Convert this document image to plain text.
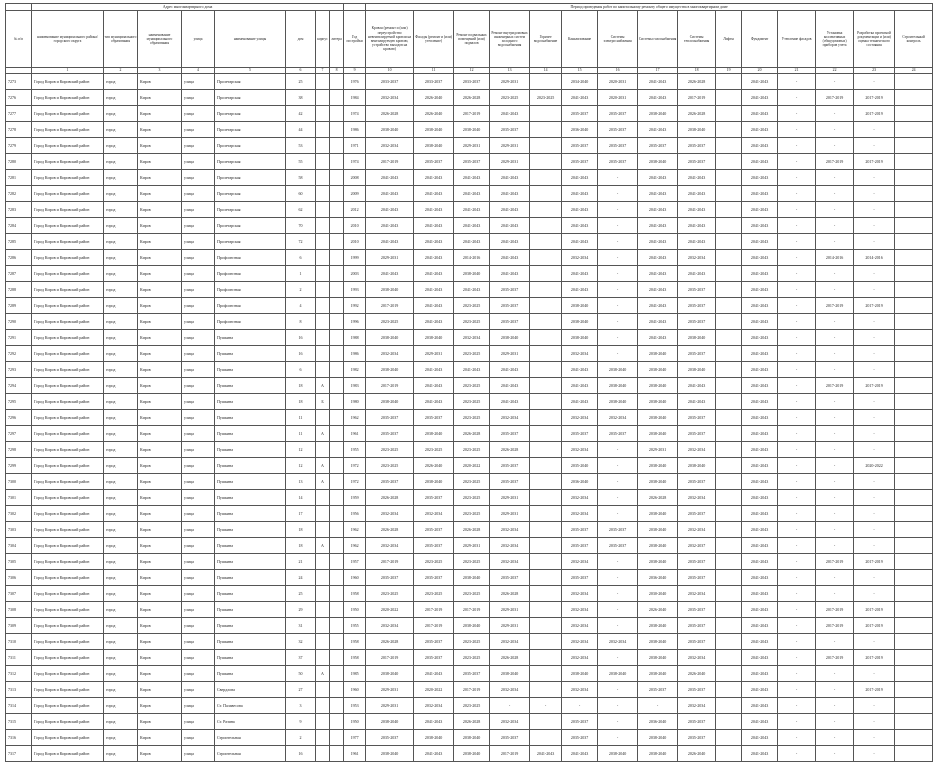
	Адрес многоквартирного дома									Период проведения работ по капитальному ремонту общего имущества в многоквартирном доме														
№ п/п	наименование муниципального района/городского округа	тип муниципального образования	наименование муниципального образования	улица	наименование улицы	дом	корпус	литера	Год постройки	Кровля (ремонт и (или) переустройство невентилируемой кровли на вентилируемую кровлю, устройство выходов на кровлю)	Фасады (ремонт и (или) утепление)	Ремонт подвальных помещений (или) подвалов	Ремонт внутридомовых инженерных систем холодного водоснабжения	Горячее водоснабжение	Канализование	Системы электроснабжения	Системы газоснабжения	Системы теплоснабжения	Лифты	Фундамент	Утепление фасадов	Установка коллективных (общедомовых) приборов учета	Разработка проектной документации и (или) оценка технического состояния	Строительный контроль
	1	2	3	4	5	6	7	8	9	10	11	12	13	14	15	16	17	18	19	20	21	22	23	24
7273	Город Киров и Кировский район	город	Киров	улица	Пролетарская	25			1976	2033-2037	2033-2037	2033-2037	2029-2031		2034-2040	2020-2031	2041-2043	2026-2028		2041-2043	-	-	-	
7276	Город Киров и Кировский район	город	Киров	улица	Пролетарская	38			1984	2032-2034	2026-2040	2026-2028	2023-2025	2023-2025	2041-2043	2020-2031	2041-2043	2017-2019		2041-2043	-	2017-2019	2017-2019	
7277	Город Киров и Кировский район	город	Киров	улица	Пролетарская	42			1974	2026-2028	2026-2040	2017-2019	2041-2043		2035-2037	2035-2037	2038-2040	2026-2028		2041-2043	-	-	2017-2019	
7278	Город Киров и Кировский район	город	Киров	улица	Пролетарская	44			1986	2038-2040	2038-2040	2038-2040	2035-2037		2036-2040	2035-2037	2041-2043	2038-2040		2041-2043	-	-	-	
7279	Город Киров и Кировский район	город	Киров	улица	Пролетарская	53			1971	2032-2034	2038-2040	2029-2031	2029-2031		2035-2037	2035-2037	2035-2037	2035-2037		2041-2043	-	-	-	
7280	Город Киров и Кировский район	город	Киров	улица	Пролетарская	55			1974	2017-2019	2035-2037	2035-2037	2029-2031		2035-2037	2035-2037	2038-2040	2035-2037		2041-2043	-	2017-2019	2017-2019	
7281	Город Киров и Кировский район	город	Киров	улица	Пролетарская	58			2008	2041-2043	2041-2043	2041-2043	2041-2043		2041-2043	-	2041-2043	2041-2043		2041-2043	-	-	-	
7282	Город Киров и Кировский район	город	Киров	улица	Пролетарская	60			2009	2041-2043	2041-2043	2041-2043	2041-2043		2041-2043	-	2041-2043	2041-2043		2041-2043	-	-	-	
7283	Город Киров и Кировский район	город	Киров	улица	Пролетарская	62			2012	2041-2043	2041-2043	2041-2043	2041-2043		2041-2043	-	2041-2043	2041-2043		2041-2043	-	-	-	
7284	Город Киров и Кировский район	город	Киров	улица	Пролетарская	70			2010	2041-2043	2041-2043	2041-2043	2041-2043		2041-2043	-	2041-2043	2041-2043		2041-2043	-	-	-	
7285	Город Киров и Кировский район	город	Киров	улица	Пролетарская	72			2010	2041-2043	2041-2043	2041-2043	2041-2043		2041-2043	-	2041-2043	2041-2043		2041-2043	-	-	-	
7286	Город Киров и Кировский район	город	Киров	улица	Профсоюзная	6			1999	2029-2031	2041-2043	2014-2016	2041-2043		2032-2034	-	2041-2043	2032-2034		2041-2043	-	2014-2016	2014-2016	
7287	Город Киров и Кировский район	город	Киров	улица	Профсоюзная	1			2003	2041-2043	2041-2043	2038-2040	2041-2043		2041-2043	-	2041-2043	2041-2043		2041-2043	-	-	-	
7288	Город Киров и Кировский район	город	Киров	улица	Профсоюзная	2			1993	2038-2040	2041-2043	2041-2043	2035-2037		2041-2043	-	2041-2043	2035-2037		2041-2043	-	-	-	
7289	Город Киров и Кировский район	город	Киров	улица	Профсоюзная	4			1992	2017-2019	2041-2043	2023-2025	2035-2037		2038-2040	-	2041-2043	2035-2037		2041-2043	-	2017-2019	2017-2019	
7290	Город Киров и Кировский район	город	Киров	улица	Профсоюзная	8			1996	2023-2025	2041-2043	2023-2025	2035-2037		2038-2040	-	2041-2043	2035-2037		2041-2043	-	-	-	
7291	Город Киров и Кировский район	город	Киров	улица	Пушкина	16			1988	2038-2040	2038-2040	2032-2034	2038-2040		2038-2040	-	2041-2043	2038-2040		2041-2043	-	-	-	
7292	Город Киров и Кировский район	город	Киров	улица	Пушкина	16			1986	2032-2034	2029-2031	2023-2025	2029-2031		2032-2034	-	2038-2040	2035-2037		2041-2043	-	-	-	
7293	Город Киров и Кировский район	город	Киров	улица	Пушкина	6			1982	2038-2040	2041-2043	2041-2043	2041-2043		2041-2043	2038-2040	2038-2040	2038-2040		2041-2043	-	-	-	
7294	Город Киров и Кировский район	город	Киров	улица	Пушкина	18	А		1983	2017-2019	2041-2043	2023-2025	2041-2043		2041-2043	2038-2040	2038-2040	2041-2043		2041-2043	-	2017-2019	2017-2019	
7295	Город Киров и Кировский район	город	Киров	улица	Пушкина	18	Б		1980	2038-2040	2041-2043	2023-2025	2041-2043		2041-2043	2038-2040	2038-2040	2041-2043		2041-2043	-	-	-	
7296	Город Киров и Кировский район	город	Киров	улица	Пушкина	11			1962	2035-2037	2035-2037	2023-2025	2032-2034		2032-2034	2032-2034	2038-2040	2035-2037		2041-2043	-	-	-	
7297	Город Киров и Кировский район	город	Киров	улица	Пушкина	11	А		1961	2035-2037	2038-2040	2026-2028	2035-2037		2035-2037	2035-2037	2038-2040	2035-2037		2041-2043	-	-	-	
7298	Город Киров и Кировский район	город	Киров	улица	Пушкина	12			1955	2023-2025	2023-2025	2023-2025	2026-2028		2032-2034	-	2029-2031	2032-2034		2041-2043	-	-	-	
7299	Город Киров и Кировский район	город	Киров	улица	Пушкина	12	А		1972	2023-2025	2026-2040	2020-2022	2035-2037		2035-2040	-	2038-2040	2038-2040		2041-2043	-	-	2020-2022	
7300	Город Киров и Кировский район	город	Киров	улица	Пушкина	13	А		1972	2035-2037	2038-2040	2023-2025	2035-2037		2036-2040	-	2038-2040	2035-2037		2041-2043	-	-	-	
7301	Город Киров и Кировский район	город	Киров	улица	Пушкина	14			1959	2026-2028	2035-2037	2023-2025	2029-2031		2032-2034	-	2026-2028	2032-2034		2041-2043	-	-	-	
7302	Город Киров и Кировский район	город	Киров	улица	Пушкина	17			1956	2032-2034	2032-2034	2023-2025	2029-2031		2032-2034	-	2038-2040	2035-2037		2041-2043	-	-	-	
7303	Город Киров и Кировский район	город	Киров	улица	Пушкина	18			1962	2026-2028	2035-2037	2026-2028	2032-2034		2035-2037	2035-2037	2038-2040	2032-2034		2041-2043	-	-	-	
7304	Город Киров и Кировский район	город	Киров	улица	Пушкина	18	А		1962	2032-2034	2035-2037	2029-2031	2032-2034		2035-2037	2035-2037	2038-2040	2032-2037		2041-2043	-	-	-	
7305	Город Киров и Кировский район	город	Киров	улица	Пушкина	21			1957	2017-2019	2023-2025	2023-2025	2032-2034		2032-2034	-	2038-2040	2035-2037		2041-2043	-	2017-2019	2017-2019	
7306	Город Киров и Кировский район	город	Киров	улица	Пушкина	24			1960	2035-2037	2035-2037	2038-2040	2035-2037		2035-2037	-	2036-2040	2035-2037		2041-2043	-	-	-	
7307	Город Киров и Кировский район	город	Киров	улица	Пушкина	25			1958	2023-2025	2023-2025	2023-2025	2026-2028		2032-2034	-	2030-2040	2032-2034		2041-2043	-	-	-	
7308	Город Киров и Кировский район	город	Киров	улица	Пушкина	29			1950	2020-2022	2017-2019	2017-2019	2029-2031		2032-2034	-	2026-2040	2035-2037		2041-2043	-	2017-2019	2017-2019	
7309	Город Киров и Кировский район	город	Киров	улица	Пушкина	31			1955	2032-2034	2017-2019	2038-2040	2029-2031		2032-2034	-	2038-2040	2035-2037		2041-2043	-	2017-2019	2017-2019	
7310	Город Киров и Кировский район	город	Киров	улица	Пушкина	32			1958	2026-2028	2035-2037	2023-2025	2032-2034		2032-2034	2032-2034	2038-2040	2035-2037		2041-2043	-	-	-	
7311	Город Киров и Кировский район	город	Киров	улица	Пушкина	37			1958	2017-2019	2035-2037	2023-2025	2026-2028		2032-2034	-	2038-2040	2032-2034		2041-2043	-	2017-2019	2017-2019	
7312	Город Киров и Кировский район	город	Киров	улица	Пушкина	50	А		1985	2038-2040	2041-2043	2035-2037	2038-2040		2038-2040	2038-2040	2038-2040	2026-2040		2041-2043	-	-	-	
7313	Город Киров и Кировский район	город	Киров	улица	Свердлова	27			1960	2029-2031	2020-2022	2017-2019	2032-2034		2032-2034	-	2035-2037	2035-2037		2041-2043	-	-	2017-2019	
7314	Город Киров и Кировский район	город	Киров	улица	Ст. Палавесова	3			1953	2029-2031	2032-2034	2023-2025	-	-	-	-	-	2032-2034		2041-2043	-	-	-	
7315	Город Киров и Кировский район	город	Киров	улица	Ст. Разина	9			1950	2038-2040	2041-2043	2026-2028	2032-2034		2035-2037	-	2036-2040	2035-2037		2041-2043	-	-	-	
7316	Город Киров и Кировский район	город	Киров	улица	Строительная	2			1977	2035-2037	2038-2040	2038-2040	2035-2037		2035-2037	-	2038-2040	2035-2037		2041-2043	-	-	-	
7317	Город Киров и Кировский район	город	Киров	улица	Строительная	16			1961	2038-2040	2041-2043	2038-2040	2017-2019	2041-2043	2041-2043	2038-2040	2038-2040	2026-2040		2041-2043	-	-	-	
